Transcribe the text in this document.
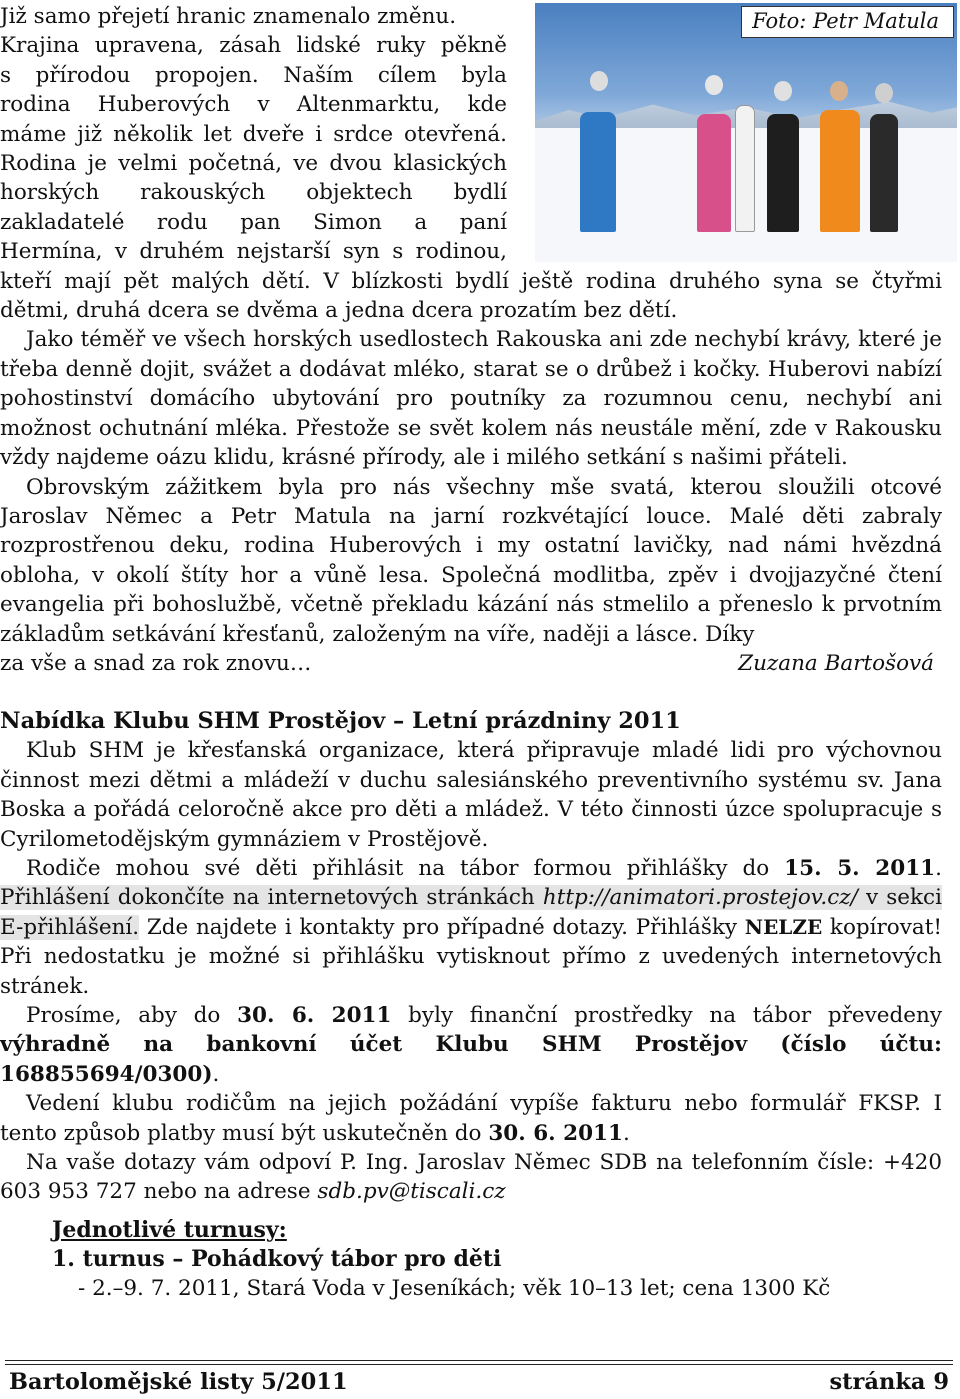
Foto: Petr Matula
Již samo přejetí hranic znamenalo změnu.
Krajina upravena, zásah lidské ruky pěkně
s přírodou propojen. Naším cílem byla
rodina Huberových v Altenmarktu, kde
máme již několik let dveře i srdce otevřená.
Rodina je velmi početná, ve dvou klasických
horských rakouských objektech bydlí
zakladatelé rodu pan Simon a paní
Hermína, v druhém nejstarší syn s rodinou,

kteří mají pět malých dětí. V blízkosti bydlí ještě rodina druhého syna se čtyřmi dětmi, druhá dcera se dvěma a jedna dcera prozatím bez dětí.

Jako téměř ve všech horských usedlostech Rakouska ani zde nechybí krávy, které je třeba denně dojit, svážet a dodávat mléko, starat se o drůbež i kočky. Huberovi nabízí pohostinství domácího ubytování pro poutníky za rozumnou cenu, nechybí ani možnost ochutnání mléka. Přestože se svět kolem nás neustále mění, zde v Rakousku vždy najdeme oázu klidu, krásné přírody, ale i milého setkání s našimi přáteli.

Obrovským zážitkem byla pro nás všechny mše svatá, kterou sloužili otcové Jaroslav Němec a Petr Matula na jarní rozkvétající louce. Malé děti zabraly rozprostřenou deku, rodina Huberových i my ostatní lavičky, nad námi hvězdná obloha, v okolí štíty hor a vůně lesa. Společná modlitba, zpěv i dvojjazyčné čtení evangelia při bohoslužbě, včetně překladu kázání nás stmelilo a přeneslo k prvotním základům setkávání křesťanů, založeným na víře, naději a lásce. Díky

za vše a snad za rok znovu…	Zuzana Bartošová
Nabídka Klubu SHM Prostějov – Letní prázdniny 2011

Klub SHM je křesťanská organizace, která připravuje mladé lidi pro výchovnou činnost mezi dětmi a mládeží v duchu salesiánského preventivního systému sv. Jana Boska a pořádá celoročně akce pro děti a mládež. V této činnosti úzce spolupracuje s Cyrilometodějským gymnáziem v Prostějově.

Rodiče mohou své děti přihlásit na tábor formou přihlášky do 15. 5. 2011. Přihlášení dokončíte na internetových stránkách http://animatori.prostejov.cz/ v sekci E-přihlášení. Zde najdete i kontakty pro případné dotazy. Přihlášky NELZE kopírovat! Při nedostatku je možné si přihlášku vytisknout přímo z uvedených internetových stránek.

Prosíme, aby do 30. 6. 2011 byly finanční prostředky na tábor převedeny výhradně na bankovní účet Klubu SHM Prostějov (číslo účtu: 168855694/0300).

Vedení klubu rodičům na jejich požádání vypíše fakturu nebo formulář FKSP. I tento způsob platby musí být uskutečněn do 30. 6. 2011.

Na vaše dotazy vám odpoví P. Ing. Jaroslav Němec SDB na telefonním čísle: +420 603 953 727 nebo na adrese sdb.pv@tiscali.cz

Jednotlivé turnusy:
1. turnus – Pohádkový tábor pro děti
- 2.–9. 7. 2011, Stará Voda v Jeseníkách; věk 10–13 let; cena 1300 Kč
Bartolomějské listy 5/2011	stránka 9
